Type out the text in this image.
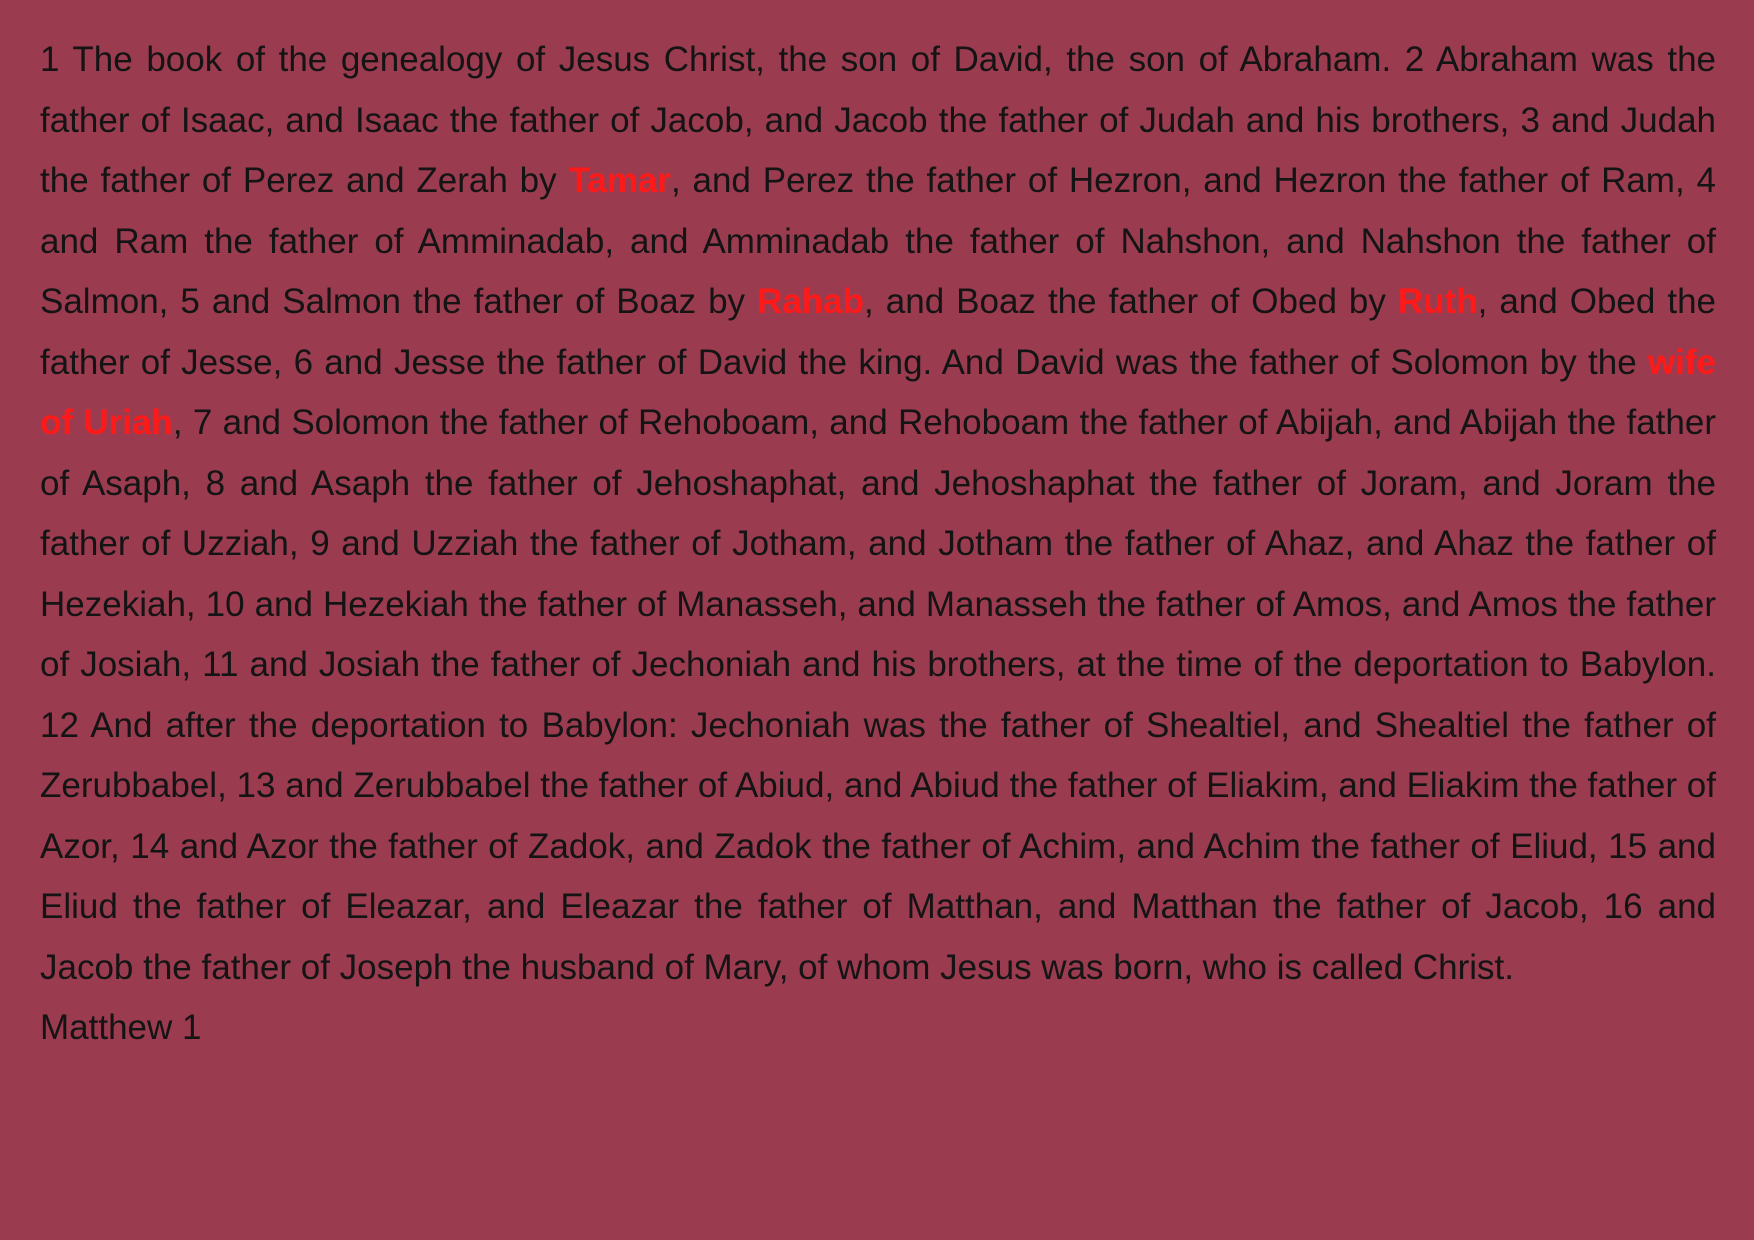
1 The book of the genealogy of Jesus Christ, the son of David, the son of Abraham. 2 Abraham was the father of Isaac, and Isaac the father of Jacob, and Jacob the father of Judah and his brothers, 3 and Judah the father of Perez and Zerah by Tamar, and Perez the father of Hezron, and Hezron the father of Ram, 4 and Ram the father of Amminadab, and Amminadab the father of Nahshon, and Nahshon the father of Salmon, 5 and Salmon the father of Boaz by Rahab, and Boaz the father of Obed by Ruth, and Obed the father of Jesse, 6 and Jesse the father of David the king. And David was the father of Solomon by the wife of Uriah, 7 and Solomon the father of Rehoboam, and Rehoboam the father of Abijah, and Abijah the father of Asaph, 8 and Asaph the father of Jehoshaphat, and Jehoshaphat the father of Joram, and Joram the father of Uzziah, 9 and Uzziah the father of Jotham, and Jotham the father of Ahaz, and Ahaz the father of Hezekiah, 10 and Hezekiah the father of Manasseh, and Manasseh the father of Amos, and Amos the father of Josiah, 11 and Josiah the father of Jechoniah and his brothers, at the time of the deportation to Babylon. 12 And after the deportation to Babylon: Jechoniah was the father of Shealtiel, and Shealtiel the father of Zerubbabel, 13 and Zerubbabel the father of Abiud, and Abiud the father of Eliakim, and Eliakim the father of Azor, 14 and Azor the father of Zadok, and Zadok the father of Achim, and Achim the father of Eliud, 15 and Eliud the father of Eleazar, and Eleazar the father of Matthan, and Matthan the father of Jacob, 16 and Jacob the father of Joseph the husband of Mary, of whom Jesus was born, who is called Christ.

Matthew 1
